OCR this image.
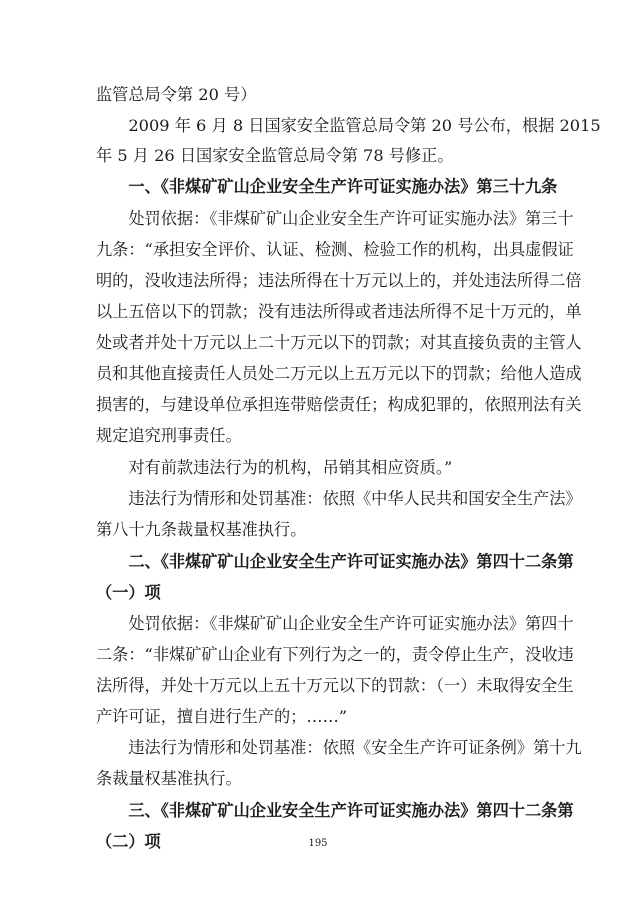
监管总局令第 20 号）
　　2009 年 6 月 8 日国家安全监管总局令第 20 号公布，根据 2015
年 5 月 26 日国家安全监管总局令第 78 号修正。
　　一、《非煤矿矿山企业安全生产许可证实施办法》第三十九条
　　处罚依据：《非煤矿矿山企业安全生产许可证实施办法》第三十
九条：“承担安全评价、认证、检测、检验工作的机构，出具虚假证
明的，没收违法所得；违法所得在十万元以上的，并处违法所得二倍
以上五倍以下的罚款；没有违法所得或者违法所得不足十万元的，单
处或者并处十万元以上二十万元以下的罚款；对其直接负责的主管人
员和其他直接责任人员处二万元以上五万元以下的罚款；给他人造成
损害的，与建设单位承担连带赔偿责任；构成犯罪的，依照刑法有关
规定追究刑事责任。
　　对有前款违法行为的机构，吊销其相应资质。”
　　违法行为情形和处罚基准：依照《中华人民共和国安全生产法》
第八十九条裁量权基准执行。
　　二、《非煤矿矿山企业安全生产许可证实施办法》第四十二条第
（一）项
　　处罚依据：《非煤矿矿山企业安全生产许可证实施办法》第四十
二条：“非煤矿矿山企业有下列行为之一的，责令停止生产，没收违
法所得，并处十万元以上五十万元以下的罚款：（一）未取得安全生
产许可证，擅自进行生产的；……”
　　违法行为情形和处罚基准：依照《安全生产许可证条例》第十九
条裁量权基准执行。
　　三、《非煤矿矿山企业安全生产许可证实施办法》第四十二条第
（二）项	195
